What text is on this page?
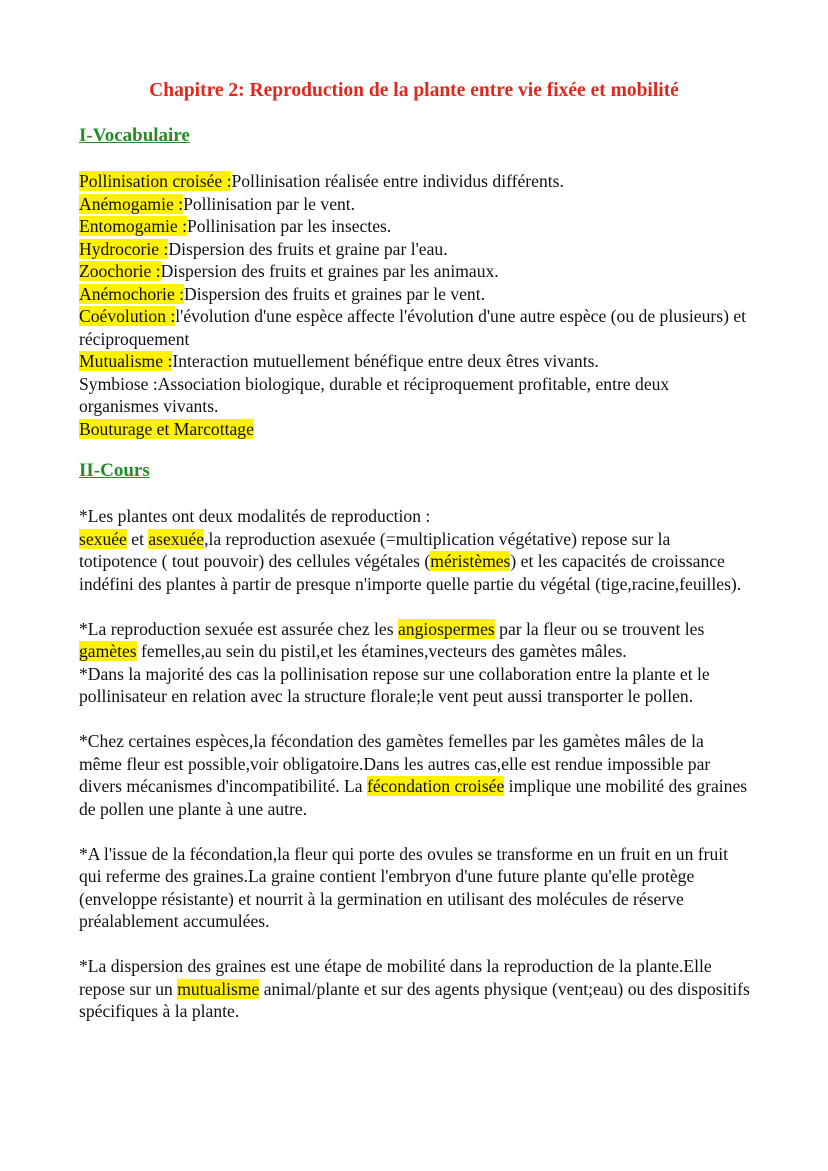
Chapitre 2: Reproduction de la plante entre vie fixée et mobilité
I-Vocabulaire

Pollinisation croisée :Pollinisation réalisée entre individus différents.

Anémogamie :Pollinisation par le vent.

Entomogamie :Pollinisation par les insectes.

Hydrocorie :Dispersion des fruits et graine par l'eau.

Zoochorie :Dispersion des fruits et graines par les animaux.

Anémochorie :Dispersion des fruits et graines par le vent.

Coévolution :l'évolution d'une espèce affecte l'évolution d'une autre espèce (ou de plusieurs) et réciproquement

Mutualisme :Interaction mutuellement bénéfique entre deux êtres vivants.

Symbiose :Association biologique, durable et réciproquement profitable, entre deux organismes vivants.

Bouturage et Marcottage

II-Cours

*Les plantes ont deux modalités de reproduction :
sexuée et asexuée,la reproduction asexuée (=multiplication végétative) repose sur la totipotence ( tout pouvoir) des cellules végétales (méristèmes) et les capacités de croissance indéfini des plantes à partir de presque n'importe quelle partie du végétal (tige,racine,feuilles).

*La reproduction sexuée est assurée chez les angiospermes par la fleur ou se trouvent les gamètes femelles,au sein du pistil,et les étamines,vecteurs des gamètes mâles.

*Dans la majorité des cas la pollinisation repose sur une collaboration entre la plante et le pollinisateur en relation avec la structure florale;le vent peut aussi transporter le pollen.

*Chez certaines espèces,la fécondation des gamètes femelles par les gamètes mâles de la même fleur est possible,voir obligatoire.Dans les autres cas,elle est rendue impossible par divers mécanismes d'incompatibilité. La fécondation croisée implique une mobilité des graines de pollen une plante à une autre.

*A l'issue de la fécondation,la fleur qui porte des ovules se transforme en un fruit en un fruit qui referme des graines.La graine contient l'embryon d'une future plante qu'elle protège (enveloppe résistante) et nourrit à la germination en utilisant des molécules de réserve préalablement accumulées.

*La dispersion des graines est une étape de mobilité dans la reproduction de la plante.Elle repose sur un mutualisme animal/plante et sur des agents physique (vent;eau) ou des dispositifs spécifiques à la plante.
